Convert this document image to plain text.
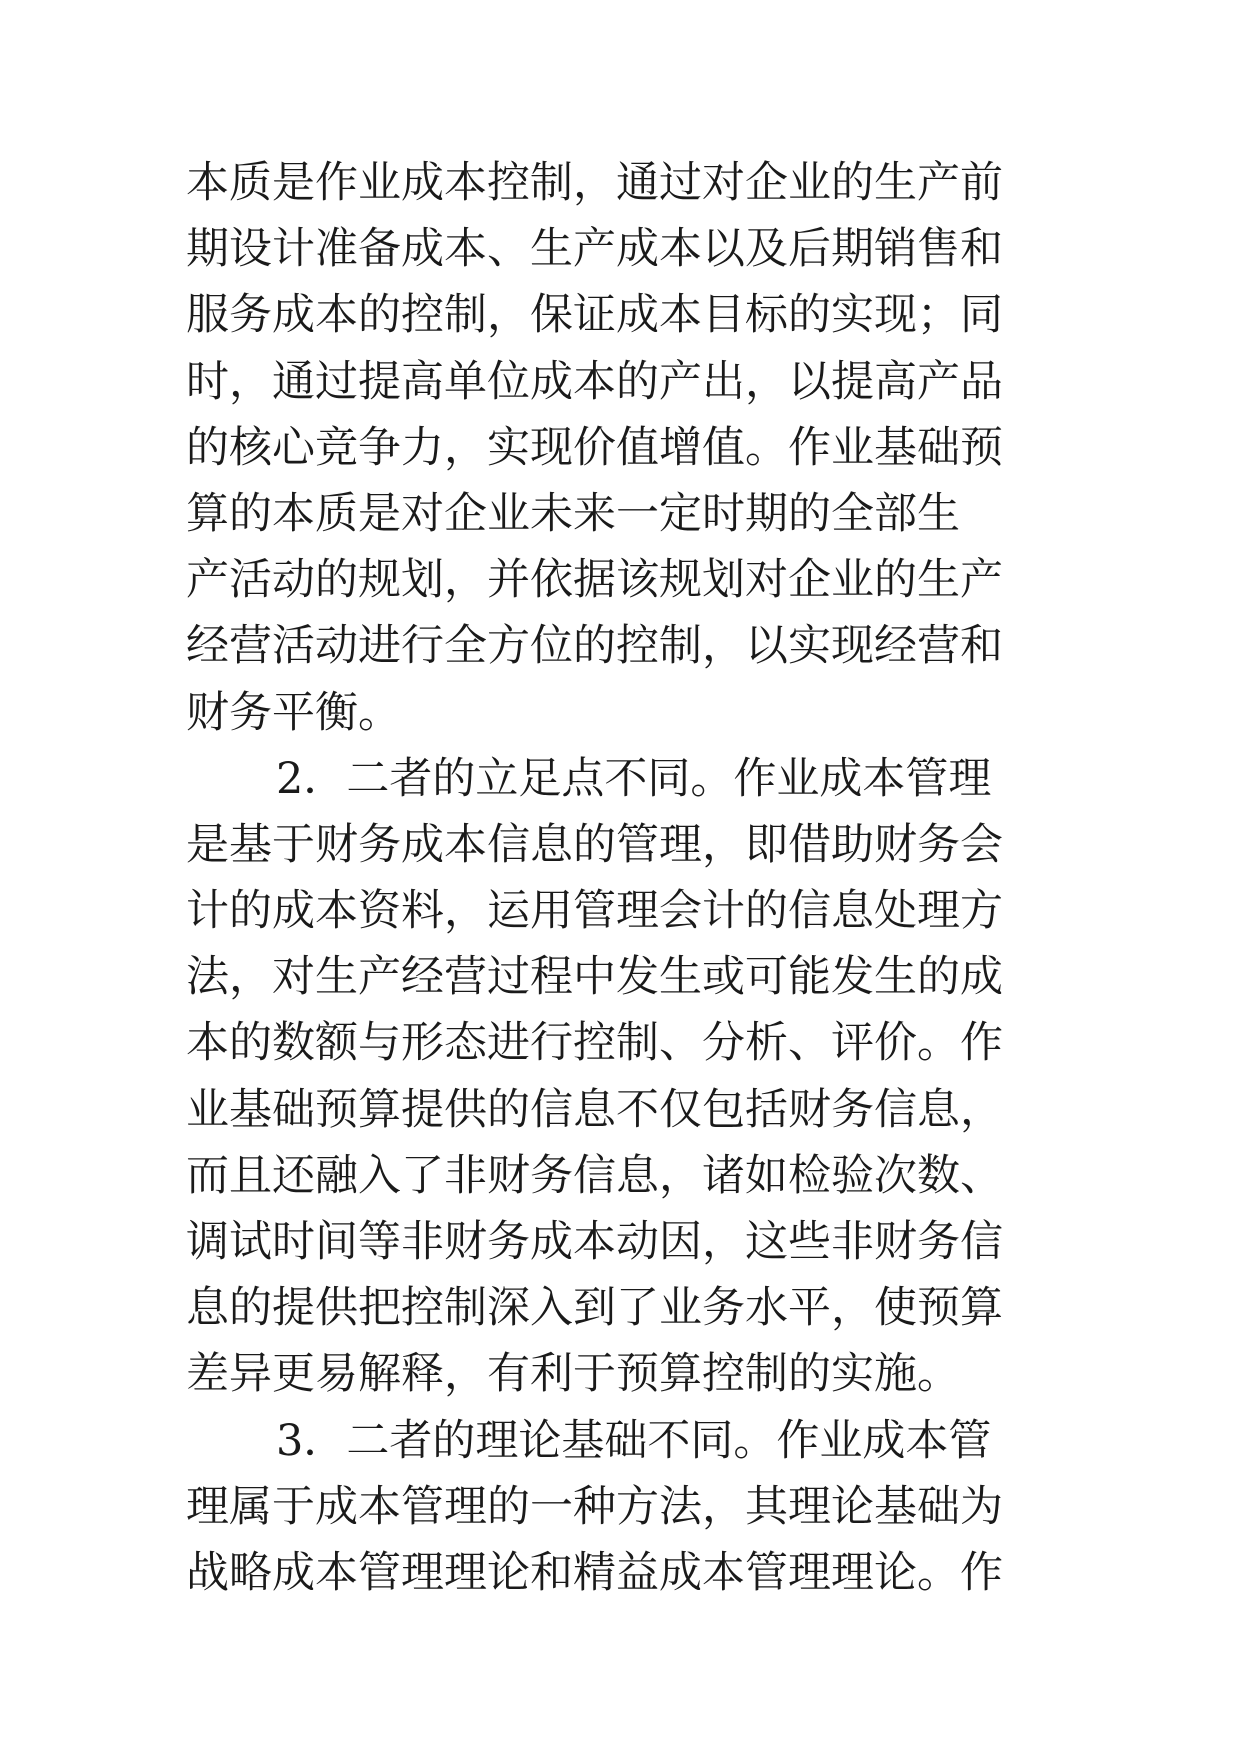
本质是作业成本控制，通过对企业的生产前
期设计准备成本、生产成本以及后期销售和
服务成本的控制，保证成本目标的实现；同
时，通过提高单位成本的产出，以提高产品
的核心竞争力，实现价值增值。作业基础预
算的本质是对企业未来一定时期的全部生
产活动的规划，并依据该规划对企业的生产
经营活动进行全方位的控制，以实现经营和
财务平衡。
2．二者的立足点不同。作业成本管理
是基于财务成本信息的管理，即借助财务会
计的成本资料，运用管理会计的信息处理方
法，对生产经营过程中发生或可能发生的成
本的数额与形态进行控制、分析、评价。作
业基础预算提供的信息不仅包括财务信息，
而且还融入了非财务信息，诸如检验次数、
调试时间等非财务成本动因，这些非财务信
息的提供把控制深入到了业务水平，使预算
差异更易解释，有利于预算控制的实施。
3．二者的理论基础不同。作业成本管
理属于成本管理的一种方法，其理论基础为
战略成本管理理论和精益成本管理理论。作
